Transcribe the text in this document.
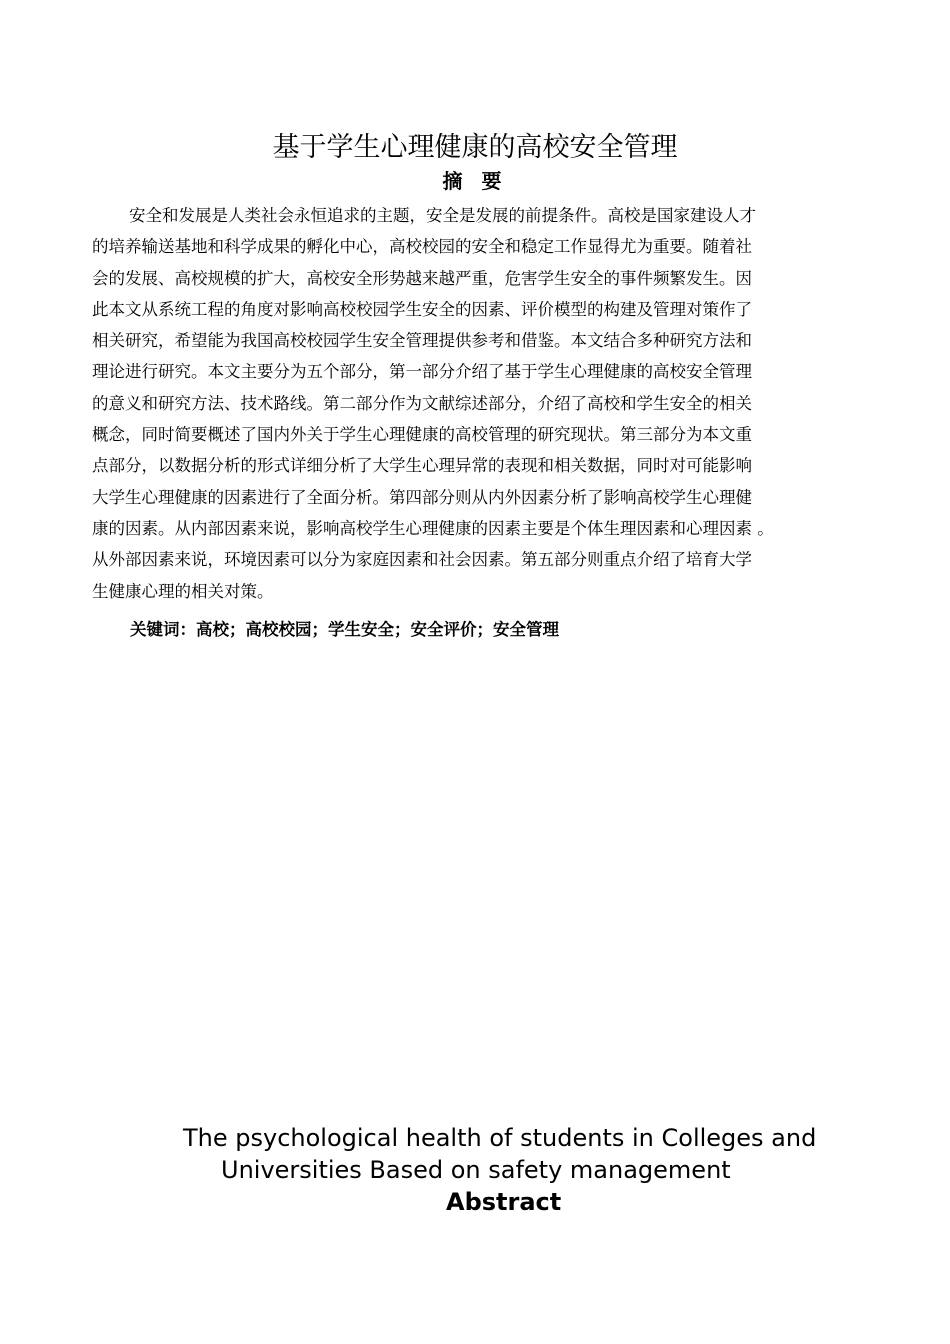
基于学生心理健康的高校安全管理
摘 要
安全和发展是人类社会永恒追求的主题，安全是发展的前提条件。高校是国家建设人才
的培养输送基地和科学成果的孵化中心，高校校园的安全和稳定工作显得尤为重要。随着社
会的发展、高校规模的扩大，高校安全形势越来越严重，危害学生安全的事件频繁发生。因
此本文从系统工程的角度对影响高校校园学生安全的因素、评价模型的构建及管理对策作了
相关研究，希望能为我国高校校园学生安全管理提供参考和借鉴。本文结合多种研究方法和
理论进行研究。本文主要分为五个部分，第一部分介绍了基于学生心理健康的高校安全管理
的意义和研究方法、技术路线。第二部分作为文献综述部分，介绍了高校和学生安全的相关
概念，同时简要概述了国内外关于学生心理健康的高校管理的研究现状。第三部分为本文重
点部分，以数据分析的形式详细分析了大学生心理异常的表现和相关数据，同时对可能影响
大学生心理健康的因素进行了全面分析。第四部分则从内外因素分析了影响高校学生心理健
康的因素。从内部因素来说，影响高校学生心理健康的因素主要是个体生理因素和心理因素 。
从外部因素来说，环境因素可以分为家庭因素和社会因素。第五部分则重点介绍了培育大学
生健康心理的相关对策。

关键词：高校；高校校园；学生安全；安全评价；安全管理

The psychological health of students in Colleges and
Universities Based on safety management
Abstract
